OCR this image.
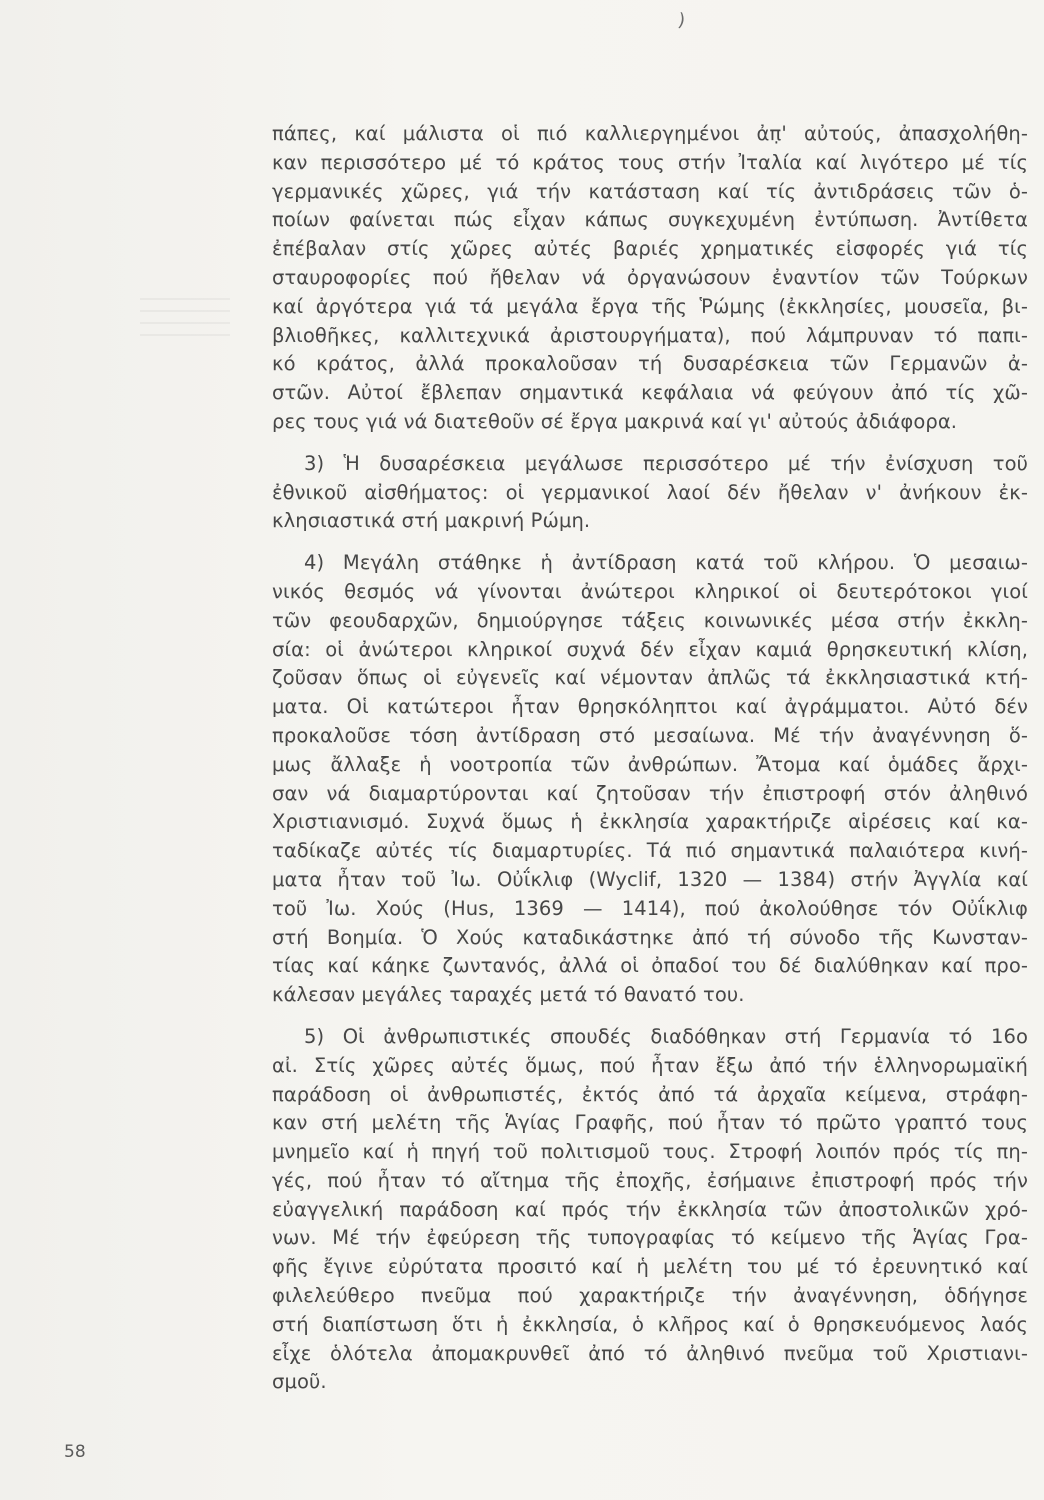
)
πάπες, καί μάλιστα οἱ πιό καλλιεργημένοι ἀπ̣' αὐτούς, ἀπασχολήθη-
καν περισσότερο μέ τό κράτος τους στήν Ἰταλία καί λιγότερο μέ τίς
γερμανικές χῶρες, γιά τήν κατάσταση καί τίς ἀντιδράσεις τῶν ὁ-
ποίων φαίνεται πώς εἶχαν κάπως συγκεχυμένη ἐντύπωση. Ἀντίθετα
ἐπέβαλαν στίς χῶρες αὐτές βαριές χρηματικές εἰσφορές γιά τίς
σταυροφορίες πού ἤθελαν νά ὀργανώσουν ἐναντίον τῶν Τούρκων
καί ἀργότερα γιά τά μεγάλα ἔργα τῆς Ῥώμης (ἐκκλησίες, μουσεῖα, βι-
βλιοθῆκες, καλλιτεχνικά ἀριστουργήματα), πού λάμπρυναν τό παπι-
κό κράτος, ἀλλά προκαλοῦσαν τή δυσαρέσκεια τῶν Γερμανῶν ἀ-
στῶν. Αὐτοί ἔβλεπαν σημαντικά κεφάλαια νά φεύγουν ἀπό τίς χῶ-
ρες τους γιά νά διατεθοῦν σέ ἔργα μακρινά καί γι' αὐτούς ἀδιάφορα.
3) Ἡ δυσαρέσκεια μεγάλωσε περισσότερο μέ τήν ἐνίσχυση τοῦ
ἐθνικοῦ αἰσθήματος: οἱ γερμανικοί λαοί δέν ἤθελαν ν' ἀνήκουν ἐκ-
κλησιαστικά στή μακρινή Ρώμη.
4) Μεγάλη στάθηκε ἡ ἀντίδραση κατά τοῦ κλήρου. Ὁ μεσαιω-
νικός θεσμός νά γίνονται ἀνώτεροι κληρικοί οἱ δευτερότοκοι γιοί
τῶν φεουδαρχῶν, δημιούργησε τάξεις κοινωνικές μέσα στήν ἐκκλη-
σία: οἱ ἀνώτεροι κληρικοί συχνά δέν εἶχαν καμιά θρησκευτική κλίση,
ζοῦσαν ὅπως οἱ εὐγενεῖς καί νέμονταν ἀπλῶς τά ἐκκλησιαστικά κτή-
ματα. Οἱ κατώτεροι ἦταν θρησκόληπτοι καί ἀγράμματοι. Αὐτό δέν
προκαλοῦσε τόση ἀντίδραση στό μεσαίωνα. Μέ τήν ἀναγέννηση ὅ-
μως ἄλλαξε ἡ νοοτροπία τῶν ἀνθρώπων. Ἄτομα καί ὁμάδες ἄρχι-
σαν νά διαμαρτύρονται καί ζητοῦσαν τήν ἐπιστροφή στόν ἀληθινό
Χριστιανισμό. Συχνά ὅμως ἡ ἐκκλησία χαρακτήριζε αἱρέσεις καί κα-
ταδίκαζε αὐτές τίς διαμαρτυρίες. Τά πιό σημαντικά παλαιότερα κινή-
ματα ἦταν τοῦ Ἰω. Οὐΐκλιφ (Wyclif, 1320 — 1384) στήν Ἀγγλία καί
τοῦ Ἰω. Χούς (Hus, 1369 — 1414), πού ἀκολούθησε τόν Οὐΐκλιφ
στή Βοημία. Ὁ Χούς καταδικάστηκε ἀπό τή σύνοδο τῆς Κωνσταν-
τίας καί κάηκε ζωντανός, ἀλλά οἱ ὀπαδοί του δέ διαλύθηκαν καί προ-
κάλεσαν μεγάλες ταραχές μετά τό θανατό του.
5) Οἱ ἀνθρωπιστικές σπουδές διαδόθηκαν στή Γερμανία τό 16ο
αἰ. Στίς χῶρες αὐτές ὅμως, πού ἦταν ἔξω ἀπό τήν ἑλληνορωμαϊκή
παράδοση οἱ ἀνθρωπιστές, ἐκτός ἀπό τά ἀρχαῖα κείμενα, στράφη-
καν στή μελέτη τῆς Ἁγίας Γραφῆς, πού ἦταν τό πρῶτο γραπτό τους
μνημεῖο καί ἡ πηγή τοῦ πολιτισμοῦ τους. Στροφή λοιπόν πρός τίς πη-
γές, πού ἦταν τό αἴτημα τῆς ἐποχῆς, ἐσήμαινε ἐπιστροφή πρός τήν
εὐαγγελική παράδοση καί πρός τήν ἐκκλησία τῶν ἀποστολικῶν χρό-
νων. Μέ τήν ἐφεύρεση τῆς τυπογραφίας τό κείμενο τῆς Ἁγίας Γρα-
φῆς ἔγινε εὐρύτατα προσιτό καί ἡ μελέτη του μέ τό ἐρευνητικό καί
φιλελεύθερο πνεῦμα πού χαρακτήριζε τήν ἀναγέννηση, ὁδήγησε
στή διαπίστωση ὅτι ἡ ἐκκλησία, ὁ κλῆρος καί ὁ θρησκευόμενος λαός
εἶχε ὁλότελα ἀπομακρυνθεῖ ἀπό τό ἀληθινό πνεῦμα τοῦ Χριστιανι-
σμοῦ.
58
